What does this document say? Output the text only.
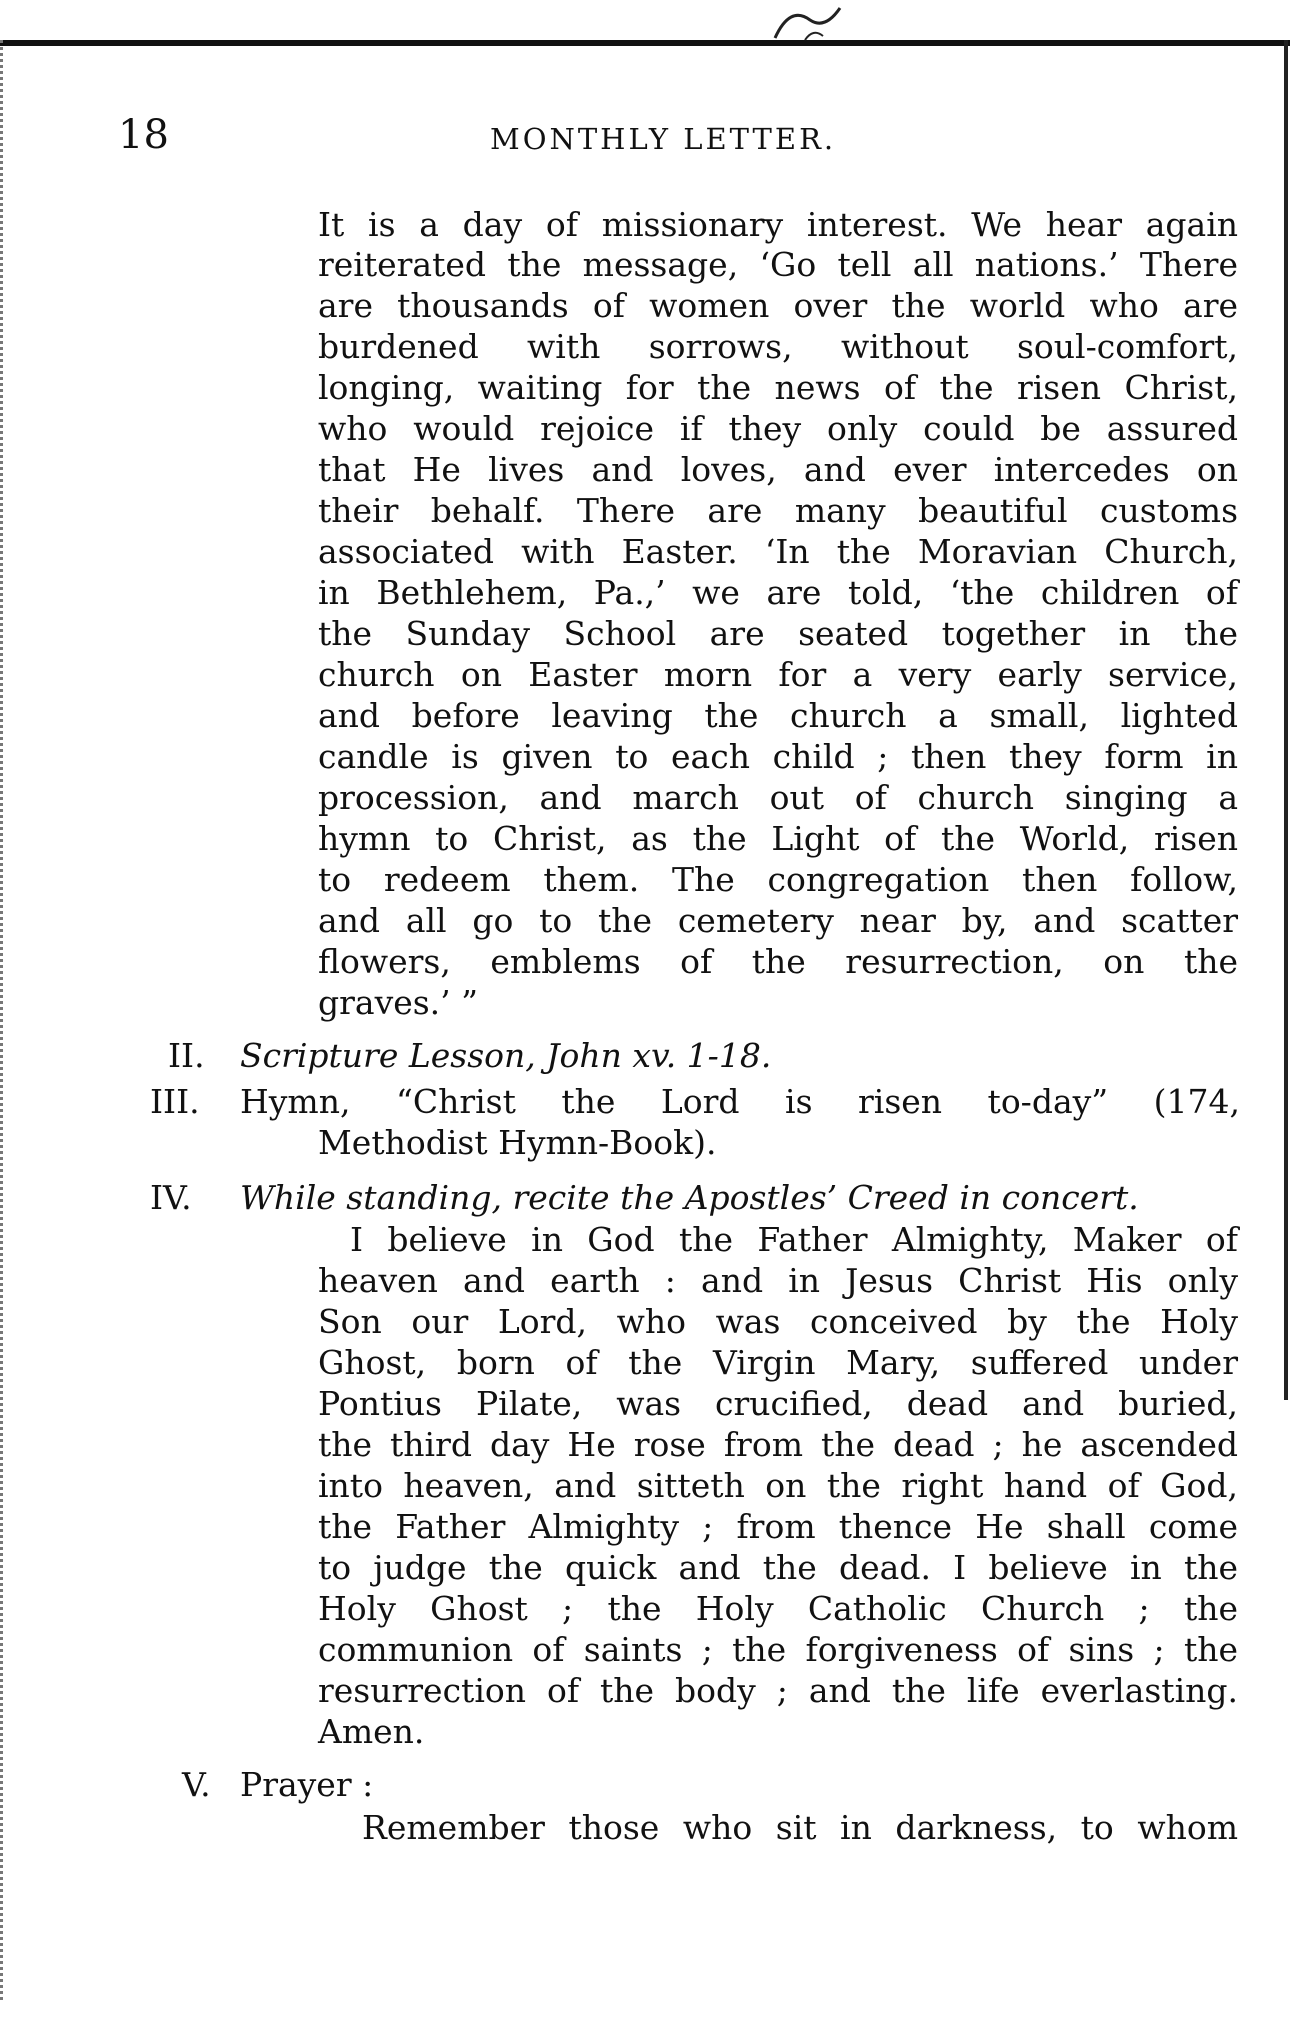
18	MONTHLY LETTER.
It is a day of missionary interest. We hear again
reiterated the message, ‘Go tell all nations.’ There
are thousands of women over the world who are
burdened with sorrows, without soul-comfort,
longing, waiting for the news of the risen Christ,
who would rejoice if they only could be assured
that He lives and loves, and ever intercedes on
their behalf. There are many beautiful customs
associated with Easter. ‘In the Moravian Church,
in Bethlehem, Pa.,’ we are told, ‘the children of
the Sunday School are seated together in the
church on Easter morn for a very early service,
and before leaving the church a small, lighted
candle is given to each child ; then they form in
procession, and march out of church singing a
hymn to Christ, as the Light of the World, risen
to redeem them. The congregation then follow,
and all go to the cemetery near by, and scatter
flowers, emblems of the resurrection, on the
graves.’ ”
II. Scripture Lesson, John xv. 1-18.
III. Hymn, “Christ the Lord is risen to-day” (174,
Methodist Hymn-Book).
IV. While standing, recite the Apostles’ Creed in concert.
I believe in God the Father Almighty, Maker of
heaven and earth : and in Jesus Christ His only
Son our Lord, who was conceived by the Holy
Ghost, born of the Virgin Mary, suffered under
Pontius Pilate, was crucified, dead and buried,
the third day He rose from the dead ; he ascended
into heaven, and sitteth on the right hand of God,
the Father Almighty ; from thence He shall come
to judge the quick and the dead. I believe in the
Holy Ghost ; the Holy Catholic Church ; the
communion of saints ; the forgiveness of sins ; the
resurrection of the body ; and the life everlasting.
Amen.
V. Prayer :
Remember those who sit in darkness, to whom
